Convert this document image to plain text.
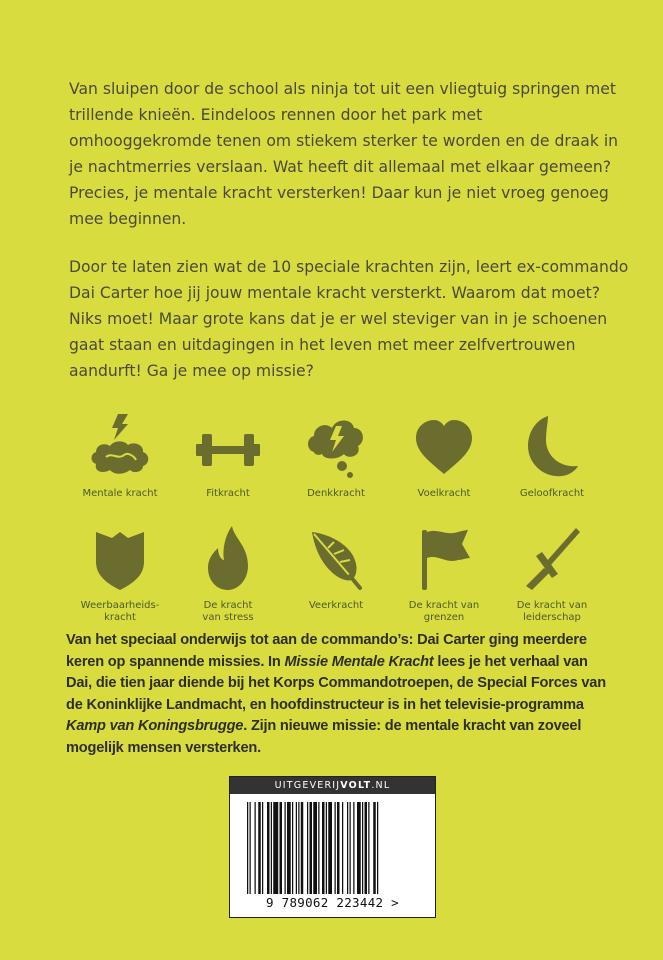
Van sluipen door de school als ninja tot uit een vliegtuig springen met trillende knieën. Eindeloos rennen door het park met omhooggekromde tenen om stiekem sterker te worden en de draak in je nachtmerries verslaan. Wat heeft dit allemaal met elkaar gemeen? Precies, je mentale kracht versterken! Daar kun je niet vroeg genoeg mee beginnen.

Door te laten zien wat de 10 speciale krachten zijn, leert ex-commando Dai Carter hoe jij jouw mentale kracht versterkt. Waarom dat moet? Niks moet! Maar grote kans dat je er wel steviger van in je schoenen gaat staan en uitdagingen in het leven met meer zelfvertrouwen aandurft! Ga je mee op missie?

Mentale kracht	Fitkracht	Denkkracht	Voelkracht	Geloofkracht
Weerbaarheids-
kracht
De kracht
van stress
Veerkracht	De kracht van
grenzen
De kracht van
leiderschap
Van het speciaal onderwijs tot aan de commando’s: Dai Carter ging meerdere keren op spannende missies. In Missie Mentale Kracht lees je het verhaal van Dai, die tien jaar diende bij het Korps Commandotroepen, de Special Forces van de Koninklijke Landmacht, en hoofdinstructeur is in het televisie-programma Kamp van Koningsbrugge. Zijn nieuwe missie: de mentale kracht van zoveel mogelijk mensen versterken.
UITGEVERIJVOLT.NL
9 789062 223442 >
